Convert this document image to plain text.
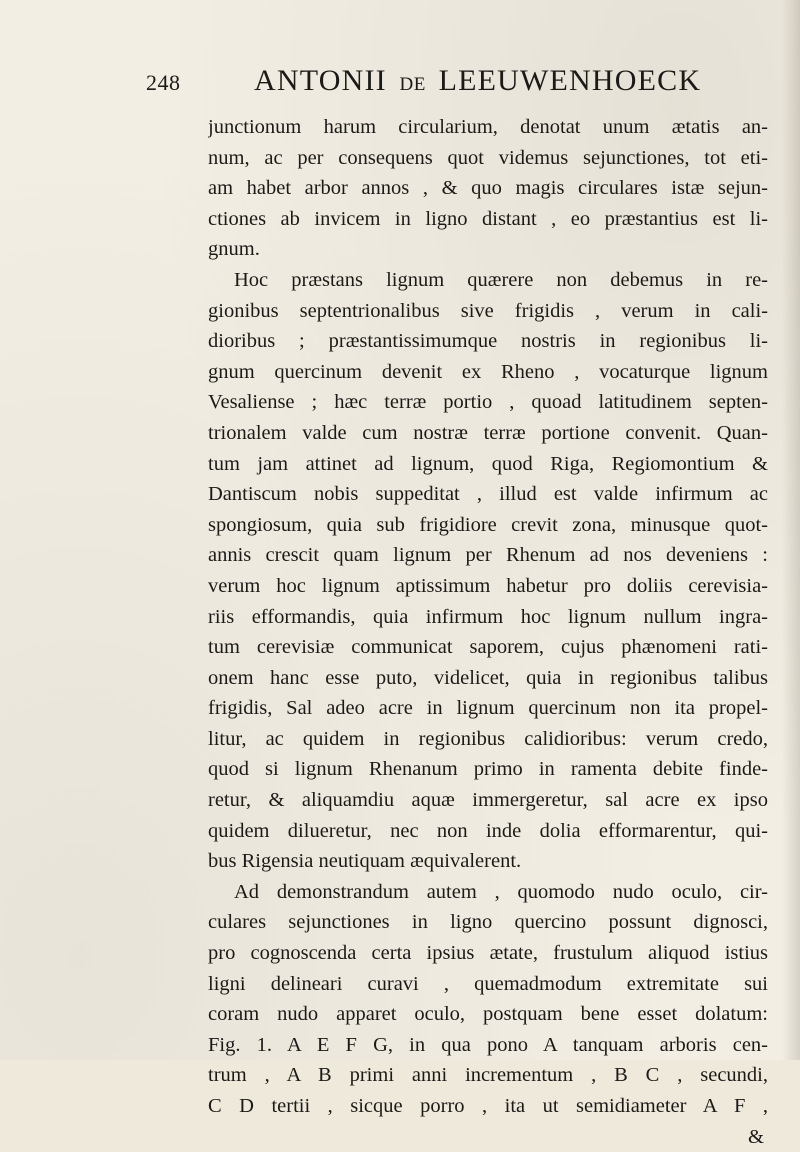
248 ANTONII DE LEEUWENHOECK
junctionum harum circularium, denotat unum ætatis an-
num, ac per consequens quot videmus sejunctiones, tot eti-
am habet arbor annos , & quo magis circulares istæ sejun-
ctiones ab invicem in ligno distant , eo præstantius est li-
gnum.
Hoc præstans lignum quærere non debemus in re-
gionibus septentrionalibus sive frigidis , verum in cali-
dioribus ; præstantissimumque nostris in regionibus li-
gnum quercinum devenit ex Rheno , vocaturque lignum
Vesaliense ; hæc terræ portio , quoad latitudinem septen-
trionalem valde cum nostræ terræ portione convenit. Quan-
tum jam attinet ad lignum, quod Riga, Regiomontium &
Dantiscum nobis suppeditat , illud est valde infirmum ac
spongiosum, quia sub frigidiore crevit zona, minusque quot-
annis crescit quam lignum per Rhenum ad nos deveniens :
verum hoc lignum aptissimum habetur pro doliis cerevisia-
riis efformandis, quia infirmum hoc lignum nullum ingra-
tum cerevisiæ communicat saporem, cujus phænomeni rati-
onem hanc esse puto, videlicet, quia in regionibus talibus
frigidis, Sal adeo acre in lignum quercinum non ita propel-
litur, ac quidem in regionibus calidioribus: verum credo,
quod si lignum Rhenanum primo in ramenta debite finde-
retur, & aliquamdiu aquæ immergeretur, sal acre ex ipso
quidem dilueretur, nec non inde dolia efformarentur, qui-
bus Rigensia neutiquam æquivalerent.
Ad demonstrandum autem , quomodo nudo oculo, cir-
culares sejunctiones in ligno quercino possunt dignosci,
pro cognoscenda certa ipsius ætate, frustulum aliquod istius
ligni delineari curavi , quemadmodum extremitate sui
coram nudo apparet oculo, postquam bene esset dolatum:
Fig. 1. A E F G, in qua pono A tanquam arboris cen-
trum , A B primi anni incrementum , B C , secundi,
C D tertii , sicque porro , ita ut semidiameter A F ,
&
